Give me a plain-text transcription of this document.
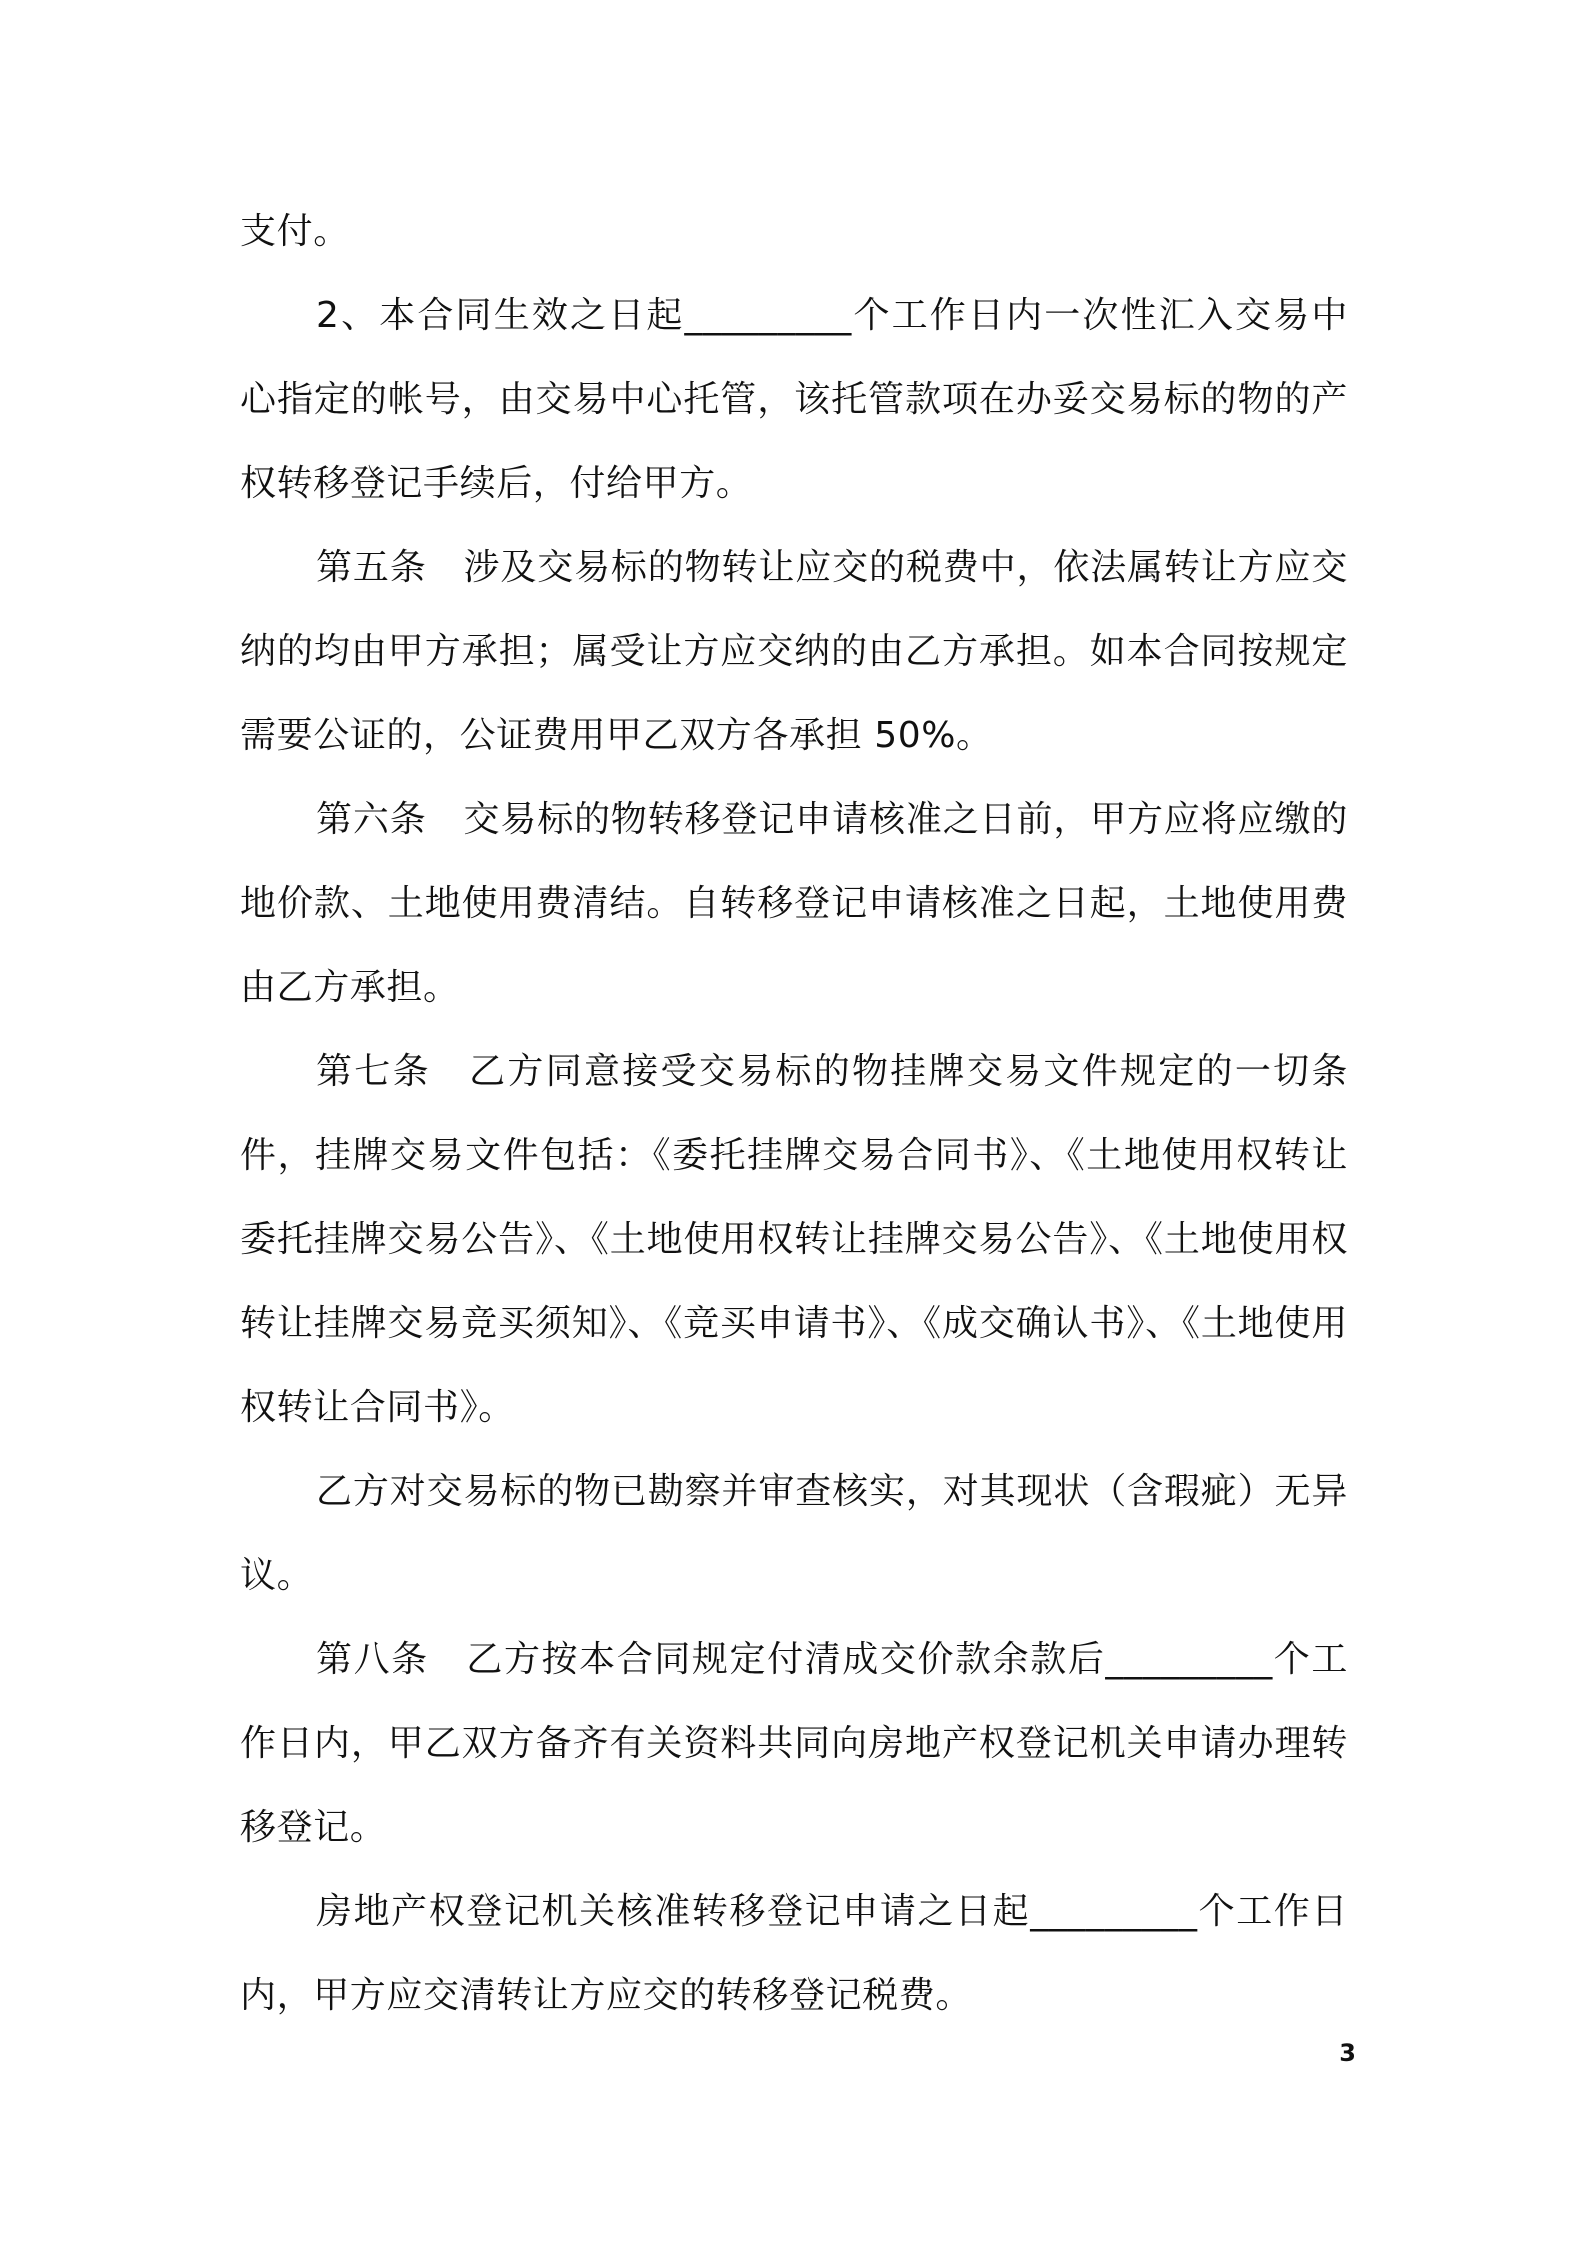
支付。

2、本合同生效之日起_________个工作日内一次性汇入交易中心指定的帐号，由交易中心托管，该托管款项在办妥交易标的物的产权转移登记手续后，付给甲方。

第五条　涉及交易标的物转让应交的税费中，依法属转让方应交纳的均由甲方承担；属受让方应交纳的由乙方承担。如本合同按规定需要公证的，公证费用甲乙双方各承担 50%。

第六条　交易标的物转移登记申请核准之日前，甲方应将应缴的地价款、土地使用费清结。自转移登记申请核准之日起，土地使用费由乙方承担。

第七条　乙方同意接受交易标的物挂牌交易文件规定的一切条件，挂牌交易文件包括：《委托挂牌交易合同书》、《土地使用权转让委托挂牌交易公告》、《土地使用权转让挂牌交易公告》、《土地使用权转让挂牌交易竞买须知》、《竞买申请书》、《成交确认书》、《土地使用权转让合同书》。

乙方对交易标的物已勘察并审查核实，对其现状（含瑕疵）无异议。

第八条　乙方按本合同规定付清成交价款余款后_________个工作日内，甲乙双方备齐有关资料共同向房地产权登记机关申请办理转移登记。

房地产权登记机关核准转移登记申请之日起_________个工作日内，甲方应交清转让方应交的转移登记税费。

3
